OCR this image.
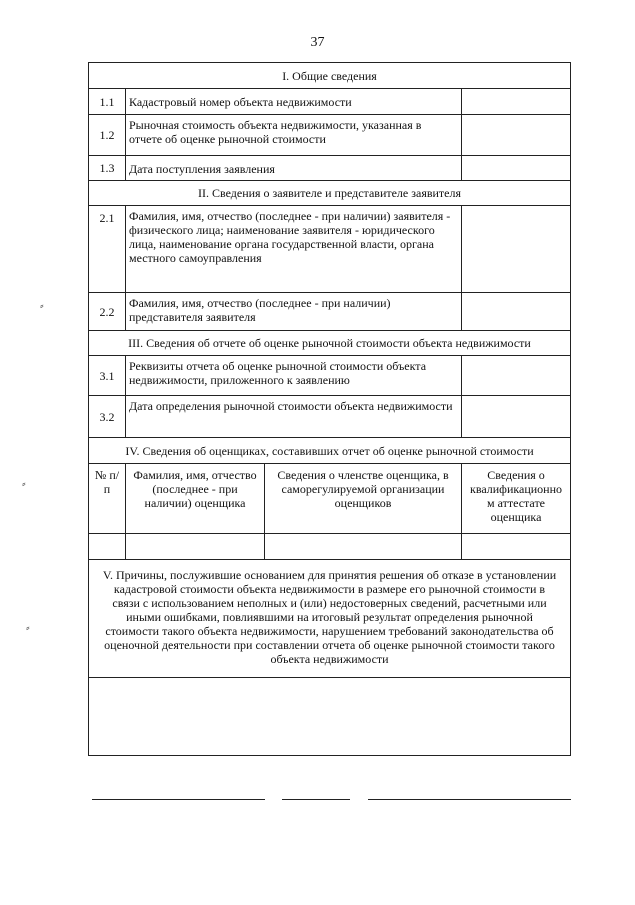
37
I. Общие сведения			
1.1	Кадастровый номер объекта недвижимости		
1.2	Рыночная стоимость объекта недвижимости, указанная в отчете об оценке рыночной стоимости		
1.3	Дата поступления заявления		
II. Сведения о заявителе и представителе заявителя			
2.1	Фамилия, имя, отчество (последнее - при наличии) заявителя - физического лица; наименование заявителя - юридического лица, наименование органа государственной власти, органа местного самоуправления		
2.2	Фамилия, имя, отчество (последнее - при наличии) представителя заявителя		
III. Сведения об отчете об оценке рыночной стоимости объекта недвижимости			
3.1	Реквизиты отчета об оценке рыночной стоимости объекта недвижимости, приложенного к заявлению		
3.2	Дата определения рыночной стоимости объекта недвижимости		
IV. Сведения об оценщиках, составивших отчет об оценке рыночной стоимости			
№ п/п	Фамилия, имя, отчество (последнее - при наличии) оценщика	Сведения о членстве оценщика, в саморегулируемой организации оценщиков	Сведения о квалификационно м аттестате оценщика

V. Причины, послужившие основанием для принятия решения об отказе в установлении кадастровой стоимости объекта недвижимости в размере его рыночной стоимости в связи с использованием неполных и (или) недостоверных сведений, расчетными или иными ошибками, повлиявшими на итоговый результат определения рыночной стоимости такого объекта недвижимости, нарушением требований законодательства об оценочной деятельности при составлении отчета об оценке рыночной стоимости такого объекта недвижимости			

⸗
⸗
⸗
